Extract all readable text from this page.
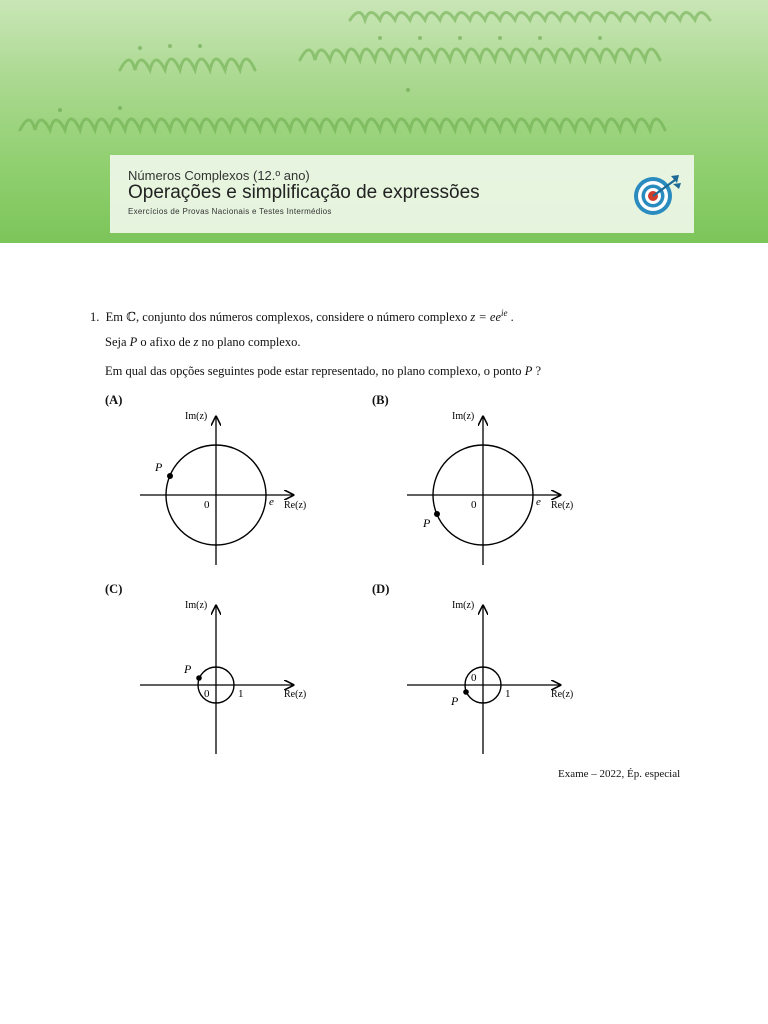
Números Complexos (12.º ano)
Operações e simplificação de expressões
Exercícios de Provas Nacionais e Testes Intermédios
1. Em ℂ, conjunto dos números complexos, considere o número complexo $z = ee^{ie}$ .
Seja P o afixo de z no plano complexo.
Em qual das opções seguintes pode estar representado, no plano complexo, o ponto P ?
(A)	(B)
(C)	(D)
P
0	e Re(z)
Im(z)
P
0	e Re(z)
Im(z)
P
0	1	Re(z)
Im(z)
P
0
1	Re(z)
Im(z)
Exame – 2022, Ép. especial
